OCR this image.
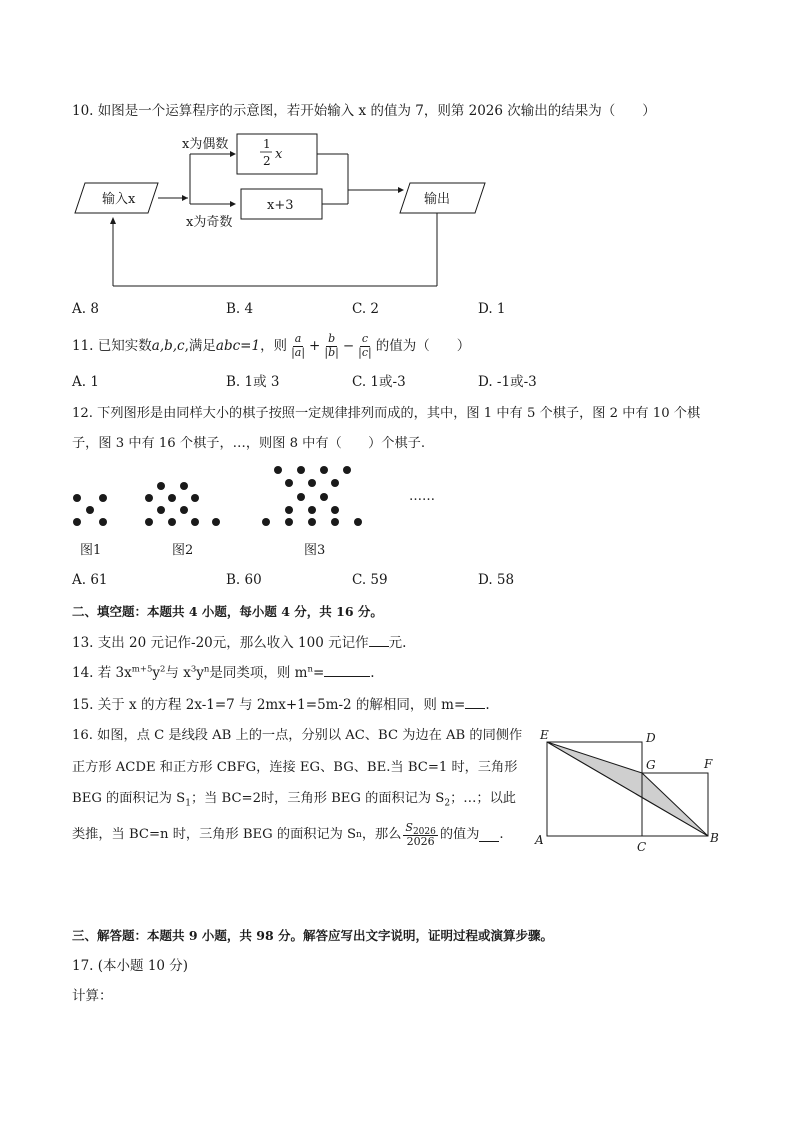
10. 如图是一个运算程序的示意图，若开始输入 x 的值为 7，则第 2026 次输出的结果为（　　）
输入x
x为偶数
x为奇数
1
2 x
x+3	输出
A. 8	B. 4	C. 2	D. 1
11. 已知实数 a,b,c ,满足 abc=1 ，则 $\frac{a}{|a|} + \frac{b}{|b|} - \frac{c}{|c|}$ 的值为（　　）
A. 1	B. 1或 3	C. 1或-3	D. -1或-3
12. 下列图形是由同样大小的棋子按照一定规律排列而成的，其中，图 1 中有 5 个棋子，图 2 中有 10 个棋
子，图 3 中有 16 个棋子，…，则图 8 中有（　　）个棋子.
……
图1	图2	图3
A. 61	B. 60	C. 59	D. 58
二、填空题：本题共 4 小题，每小题 4 分，共 16 分。
13. 支出 20 元记作-20元，那么收入 100 元记作 元.
14. 若 $3x^{m+5}y^2$与 $x^3y^n$是同类项，则 $m^n=$	.
15. 关于 x 的方程 2x-1=7 与 2mx+1=5m-2 的解相同，则 m= .
16. 如图，点 C 是线段 AB 上的一点，分别以 AC、BC 为边在 AB 的同侧作
正方形 ACDE 和正方形 CBFG，连接 EG、BG、BE.当 BC=1 时，三角形
BEG 的面积记为 $S_1$；当 BC=2时，三角形 BEG 的面积记为 $S_2$；…；以此
类推，当 BC=n 时，三角形 BEG 的面积记为 S n ，那么 $\frac{S_{2026}}{2026}$ 的值为 .
E	D
G	F
A	C
B
三、解答题：本题共 9 小题，共 98 分。解答应写出文字说明，证明过程或演算步骤。
17. (本小题 10 分)
计算：
